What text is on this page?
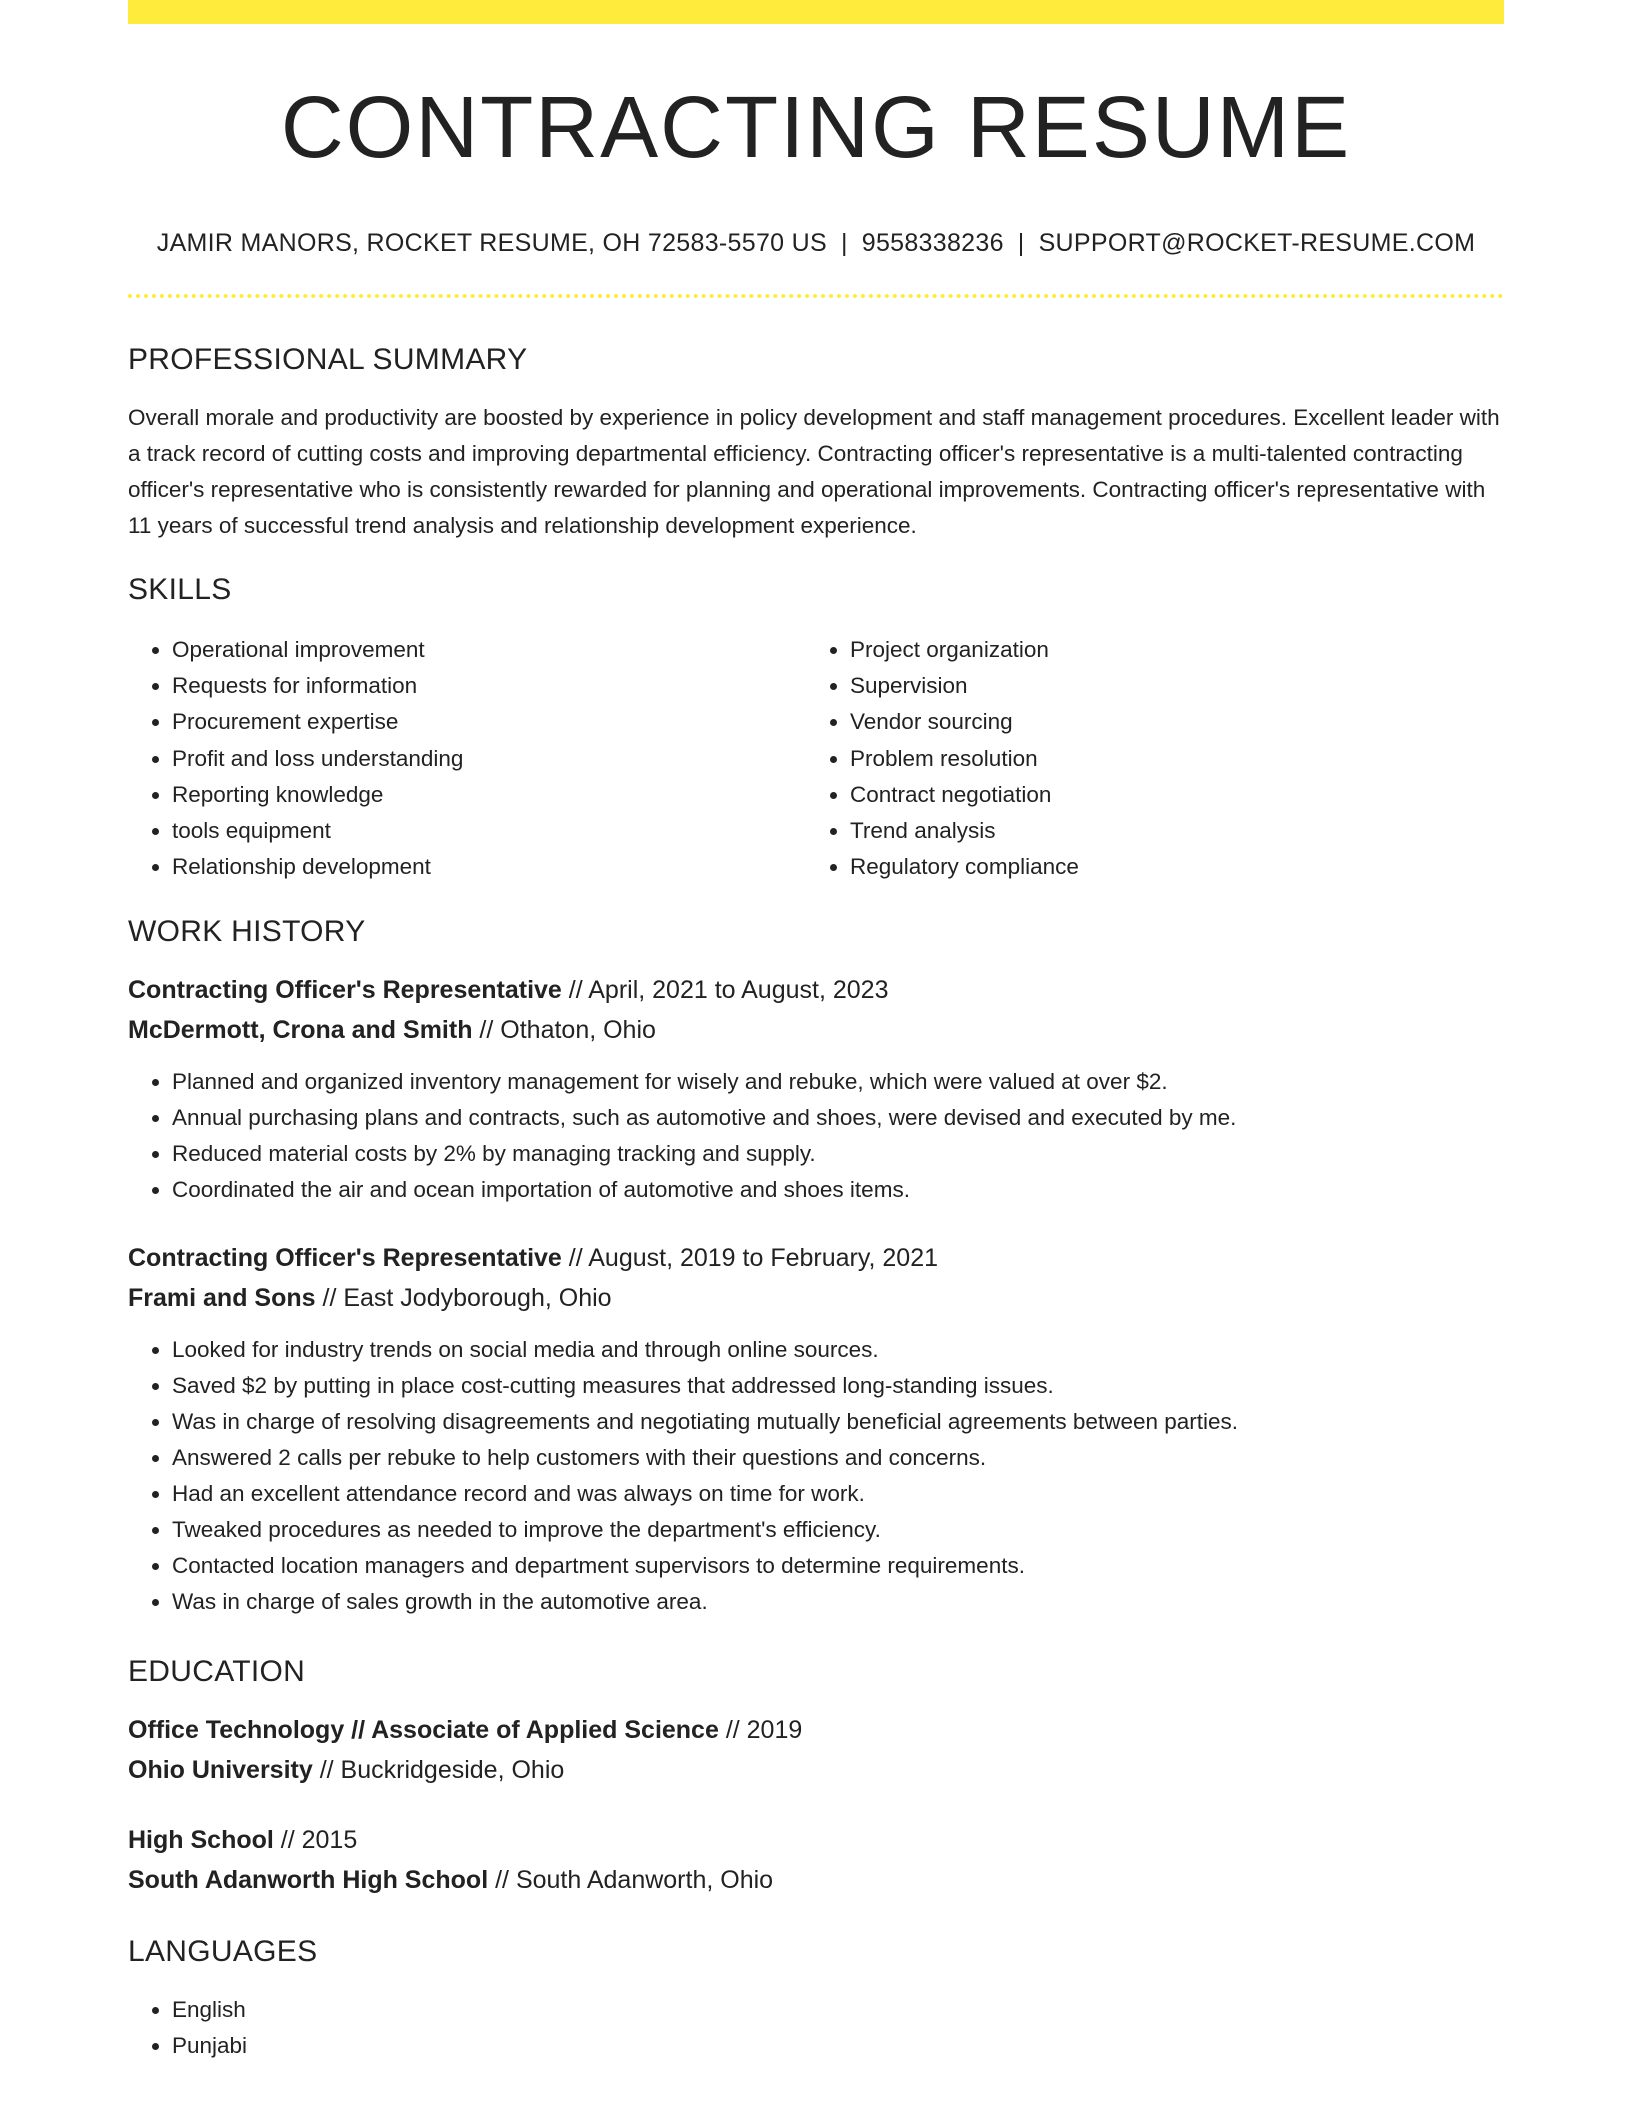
CONTRACTING RESUME
JAMIR MANORS, ROCKET RESUME, OH 72583-5570 US | 9558338236 | SUPPORT@ROCKET-RESUME.COM
PROFESSIONAL SUMMARY

Overall morale and productivity are boosted by experience in policy development and staff management procedures. Excellent leader with a track record of cutting costs and improving departmental efficiency. Contracting officer's representative is a multi-talented contracting officer's representative who is consistently rewarded for planning and operational improvements. Contracting officer's representative with 11 years of successful trend analysis and relationship development experience.

SKILLS
• Operational improvement
• Requests for information
• Procurement expertise
• Profit and loss understanding
• Reporting knowledge
• tools equipment
• Relationship development
• Project organization
• Supervision
• Vendor sourcing
• Problem resolution
• Contract negotiation
• Trend analysis
• Regulatory compliance
WORK HISTORY
Contracting Officer's Representative // April, 2021 to August, 2023
McDermott, Crona and Smith // Othaton, Ohio
• Planned and organized inventory management for wisely and rebuke, which were valued at over $2.
• Annual purchasing plans and contracts, such as automotive and shoes, were devised and executed by me.
• Reduced material costs by 2% by managing tracking and supply.
• Coordinated the air and ocean importation of automotive and shoes items.
Contracting Officer's Representative // August, 2019 to February, 2021
Frami and Sons // East Jodyborough, Ohio
• Looked for industry trends on social media and through online sources.
• Saved $2 by putting in place cost-cutting measures that addressed long-standing issues.
• Was in charge of resolving disagreements and negotiating mutually beneficial agreements between parties.
• Answered 2 calls per rebuke to help customers with their questions and concerns.
• Had an excellent attendance record and was always on time for work.
• Tweaked procedures as needed to improve the department's efficiency.
• Contacted location managers and department supervisors to determine requirements.
• Was in charge of sales growth in the automotive area.
EDUCATION
Office Technology // Associate of Applied Science // 2019
Ohio University // Buckridgeside, Ohio
High School // 2015
South Adanworth High School // South Adanworth, Ohio
LANGUAGES
• English
• Punjabi
